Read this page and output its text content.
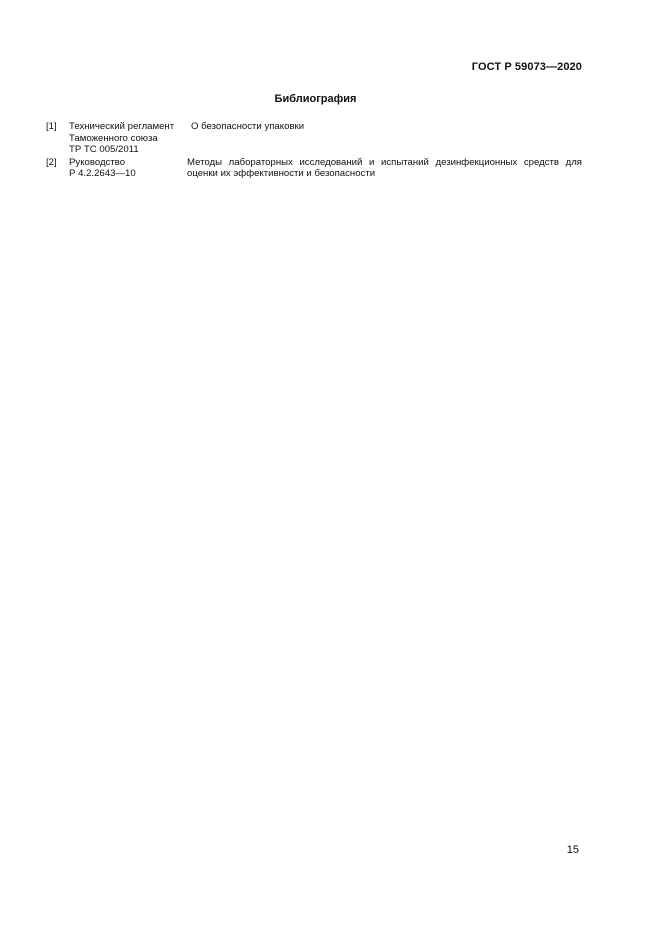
ГОСТ Р 59073—2020
Библиография
[1]	Технический регламент
Таможенного союза
ТР ТС 005/2011
О безопасности упаковки
[2]	Руководство
Р 4.2.2643—10
Методы лабораторных исследований и испытаний дезинфекционных средств для оценки их эффективности и безопасности
15
